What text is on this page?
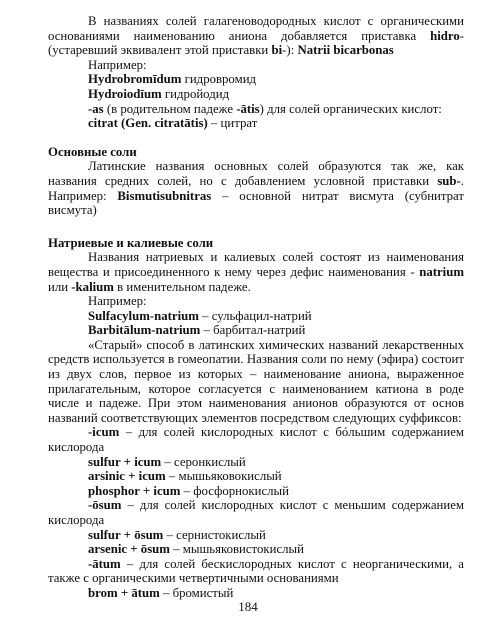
В названиях солей галагеноводородных кислот с органическими основаниями наименованию аниона добавляется приставка hidro- (устаревший эквивалент этой приставки bi-): Natrii bicarbonas

Например:

Hydrobromīdum гидровромид

Hydroiodīum гидройодид

-as (в родительном падеже -ātis) для солей органических кислот:

citrat (Gen. citratātis) – цитрат

Основные соли

Латинские названия основных солей образуются так же, как названия средних солей, но с добавлением условной приставки sub-. Например: Bismutisubnitras – основной нитрат висмута (субнитрат висмута)

Натриевые и калиевые соли

Названия натриевых и калиевых солей состоят из наименования вещества и присоединенного к нему через дефис наименования - natrium или -kalium в именительном падеже.

Например:

Sulfacylum-natrium – сульфацил-натрий

Barbitālum-natrium – барбитал-натрий

«Старый» способ в латинских химических названий лекарственных средств используется в гомеопатии. Названия соли по нему (эфира) состоит из двух слов, первое из которых – наименование аниона, выраженное прилагательным, которое согласуется с наименованием катиона в роде числе и падеже. При этом наименования анионов образуются от основ названий соответствующих элементов посредством следующих суффиксов:

-icum – для солей кислородных кислот с бóльшим содержанием кислорода

sulfur + icum – серонкислый

arsinic + icum – мышьяковокислый

phosphor + icum – фосфорнокислый

-ōsum – для солей кислородных кислот с меньшим содержанием кислорода

sulfur + ōsum – сернистокислый

arsenic + ōsum – мышьяковистокислый

-ātum – для солей бескислородных кислот с неорганическими, а также с органическими четвертичными основаниями

brom + ātum – бромистый

184
